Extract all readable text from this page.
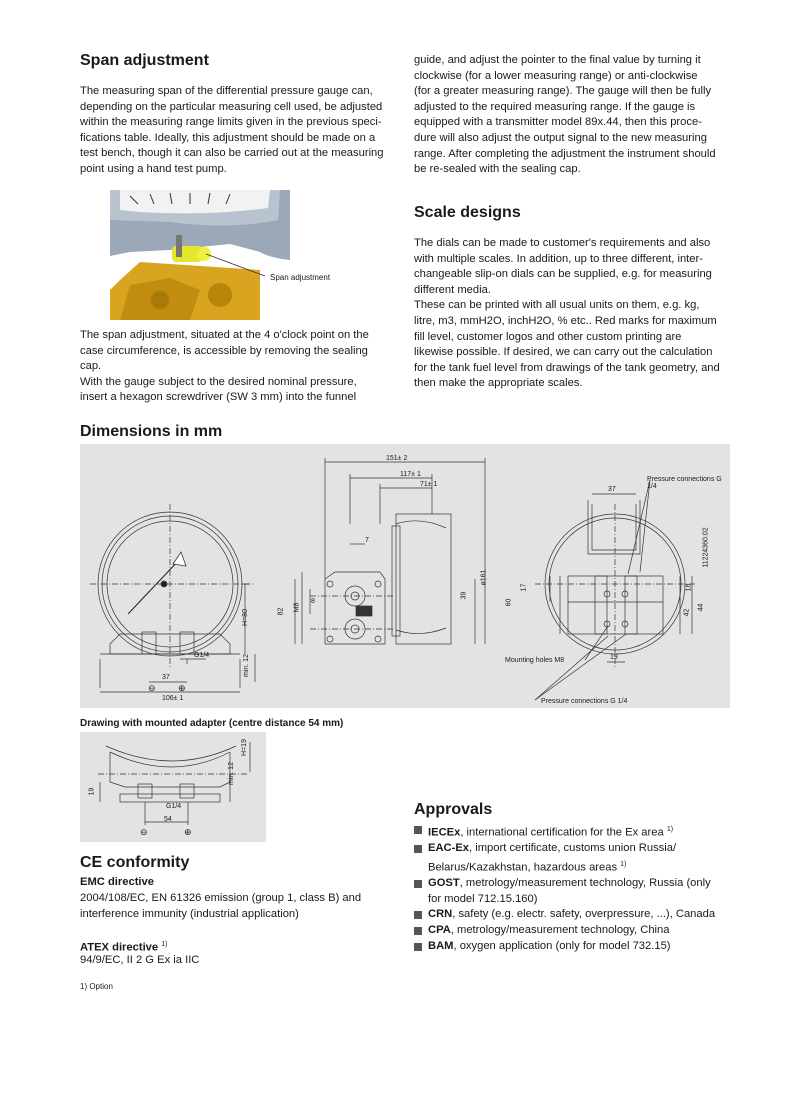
Span adjustment
The measuring span of the differential pressure gauge can,
depending on the particular measuring cell used, be adjusted
within the measuring range limits given in the previous speci-
fications table. Ideally, this adjustment should be made on a
test bench, though it can also be carried out at the measuring
point using a hand test pump.
Span adjustment
The span adjustment, situated at the 4 o'clock point on the
case circumference, is accessible by removing the sealing
cap.
With the gauge subject to the desired nominal pressure,
insert a hexagon screwdriver (SW 3 mm) into the funnel
guide, and adjust the pointer to the final value by turning it
clockwise (for a lower measuring range) or anti-clockwise
(for a greater measuring range). The gauge will then be fully
adjusted to the required measuring range. If the gauge is
equipped with a transmitter model 89x.44, then this proce-
dure will also adjust the output signal to the new measuring
range. After completing the adjustment the instrument should
be re-sealed with the sealing cap.
Scale designs
The dials can be made to customer's requirements and also
with multiple scales. In addition, up to three different, inter-
changeable slip-on dials can be supplied, e.g. for measuring
different media.
These can be printed with all usual units on them, e.g. kg,
litre, m3, mmH2O, inchH2O, % etc.. Red marks for maximum
fill level, customer logos and other custom printing are
likewise possible. If desired, we can carry out the calculation
for the tank fuel level from drawings of the tank geometry, and
then make the appropriate scales.
Dimensions in mm
151± 2
117± 1
71± 1
7
82
H=80
M8
8
39
ø161
min. 12
G1/4
37
⊖ ⊕
106± 1
37
17
60
18
44
42
19
Pressure connections G 1/4
Mounting holes M8
Pressure connections G 1/4
11224360.02
Drawing with mounted adapter (centre distance 54 mm)
H=19
min. 12
19
G1/4
54
⊖	⊕
CE conformity
EMC directive
2004/108/EC, EN 61326 emission (group 1, class B) and
interference immunity (industrial application)
ATEX directive $^{1)}$
94/9/EC, II 2 G Ex ia IIC
1) Option
Approvals
IECEx, international certification for the Ex area $^{1)}$
EAC-Ex, import certificate, customs union Russia/
Belarus/Kazakhstan, hazardous areas $^{1)}$
GOST, metrology/measurement technology, Russia (only
for model 712.15.160)
CRN, safety (e.g. electr. safety, overpressure, ...), Canada
CPA, metrology/measurement technology, China
BAM, oxygen application (only for model 732.15)
